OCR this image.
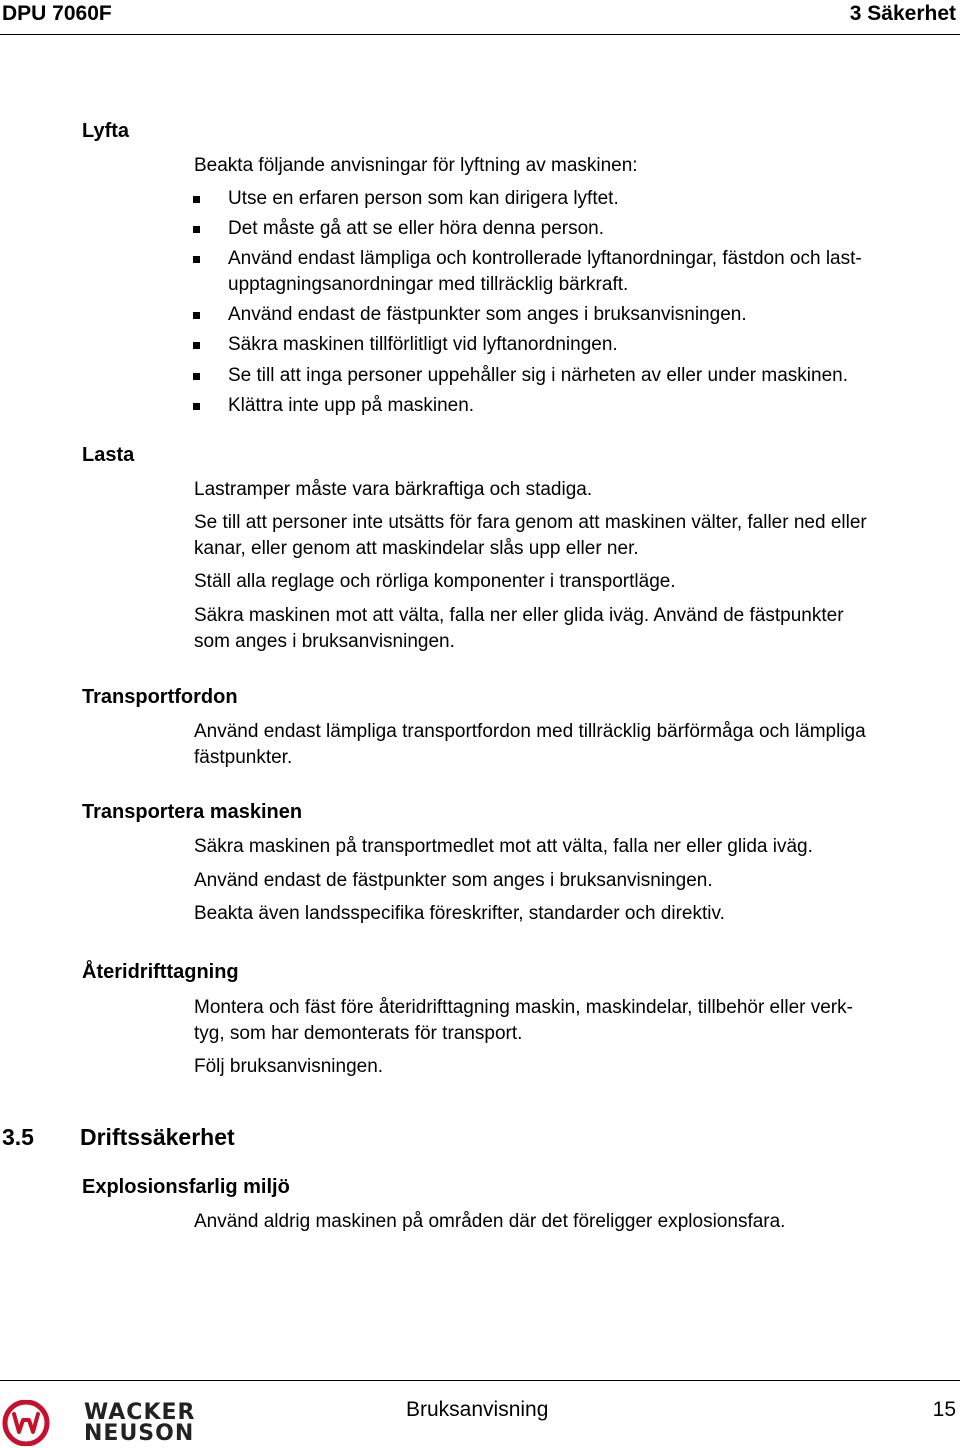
DPU 7060F	3 Säkerhet
Lyfta
Beakta följande anvisningar för lyftning av maskinen:
Utse en erfaren person som kan dirigera lyftet.
Det måste gå att se eller höra denna person.
Använd endast lämpliga och kontrollerade lyftanordningar, fästdon och last-
upptagningsanordningar med tillräcklig bärkraft.
Använd endast de fästpunkter som anges i bruksanvisningen.
Säkra maskinen tillförlitligt vid lyftanordningen.
Se till att inga personer uppehåller sig i närheten av eller under maskinen.
Klättra inte upp på maskinen.
Lasta
Lastramper måste vara bärkraftiga och stadiga.
Se till att personer inte utsätts för fara genom att maskinen välter, faller ned eller
kanar, eller genom att maskindelar slås upp eller ner.
Ställ alla reglage och rörliga komponenter i transportläge.
Säkra maskinen mot att välta, falla ner eller glida iväg. Använd de fästpunkter
som anges i bruksanvisningen.
Transportfordon
Använd endast lämpliga transportfordon med tillräcklig bärförmåga och lämpliga
fästpunkter.
Transportera maskinen
Säkra maskinen på transportmedlet mot att välta, falla ner eller glida iväg.
Använd endast de fästpunkter som anges i bruksanvisningen.
Beakta även landsspecifika föreskrifter, standarder och direktiv.
Återidrifttagning
Montera och fäst före återidrifttagning maskin, maskindelar, tillbehör eller verk-
tyg, som har demonterats för transport.
Följ bruksanvisningen.
3.5 Driftssäkerhet
Explosionsfarlig miljö
Använd aldrig maskinen på områden där det föreligger explosionsfara.
WACKER
NEUSON
Bruksanvisning	15
